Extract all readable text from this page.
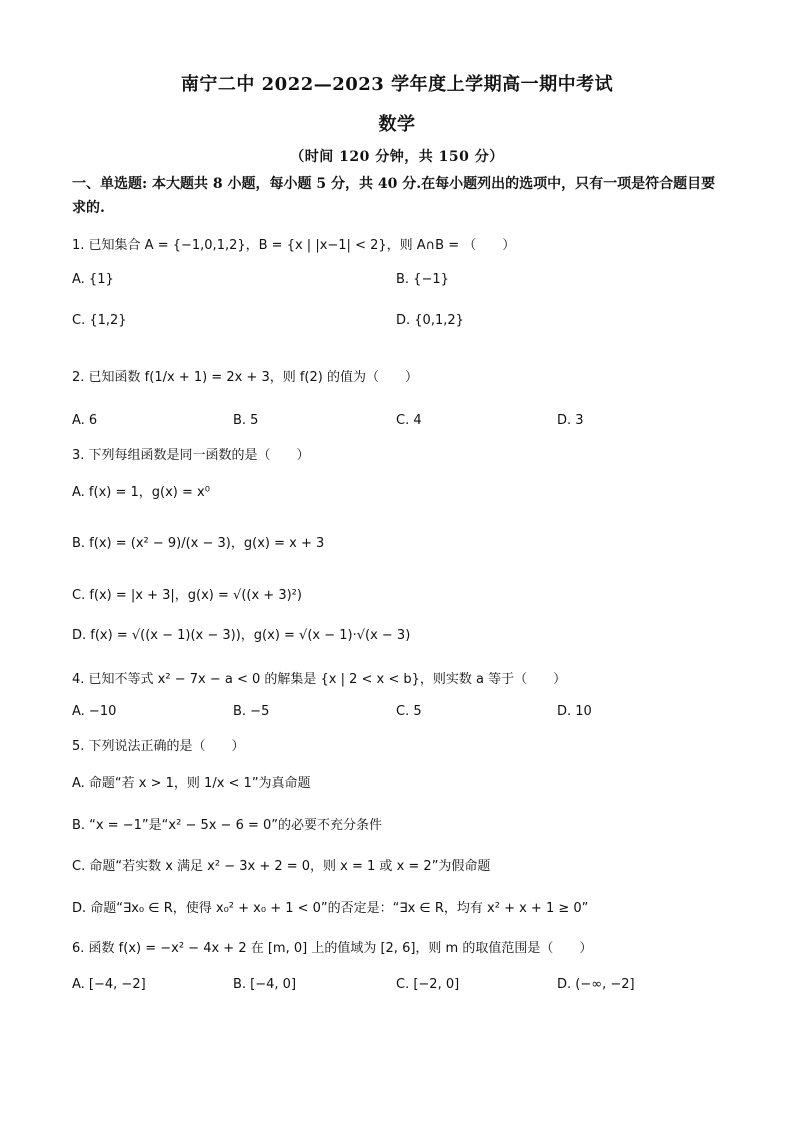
南宁二中 2022—2023 学年度上学期高一期中考试
数学
（时间 120 分钟，共 150 分）
一、单选题: 本大题共 8 小题，每小题 5 分，共 40 分.在每小题列出的选项中，只有一项是符合题目要求的.
1. 已知集合 A = {−1,0,1,2}，B = {x | |x−1| < 2}，则 A∩B = （　　）
A. {1}	B. {−1}
C. {1,2}	D. {0,1,2}
2. 已知函数 f(1/x + 1) = 2x + 3，则 f(2) 的值为（　　）
A. 6	B. 5	C. 4	D. 3
3. 下列每组函数是同一函数的是（　　）
A. f(x) = 1，g(x) = x⁰
B. f(x) = (x² − 9)/(x − 3)，g(x) = x + 3
C. f(x) = |x + 3|，g(x) = √((x + 3)²)
D. f(x) = √((x − 1)(x − 3))，g(x) = √(x − 1)·√(x − 3)
4. 已知不等式 x² − 7x − a < 0 的解集是 {x | 2 < x < b}，则实数 a 等于（　　）
A. −10	B. −5	C. 5	D. 10
5. 下列说法正确的是（　　）
A. 命题“若 x > 1，则 1/x < 1”为真命题
B. “x = −1”是“x² − 5x − 6 = 0”的必要不充分条件
C. 命题“若实数 x 满足 x² − 3x + 2 = 0，则 x = 1 或 x = 2”为假命题
D. 命题“∃x₀ ∈ R，使得 x₀² + x₀ + 1 < 0”的否定是：“∃x ∈ R，均有 x² + x + 1 ≥ 0”
6. 函数 f(x) = −x² − 4x + 2 在 [m, 0] 上的值域为 [2, 6]，则 m 的取值范围是（　　）
A. [−4, −2]	B. [−4, 0]	C. [−2, 0]	D. (−∞, −2]
